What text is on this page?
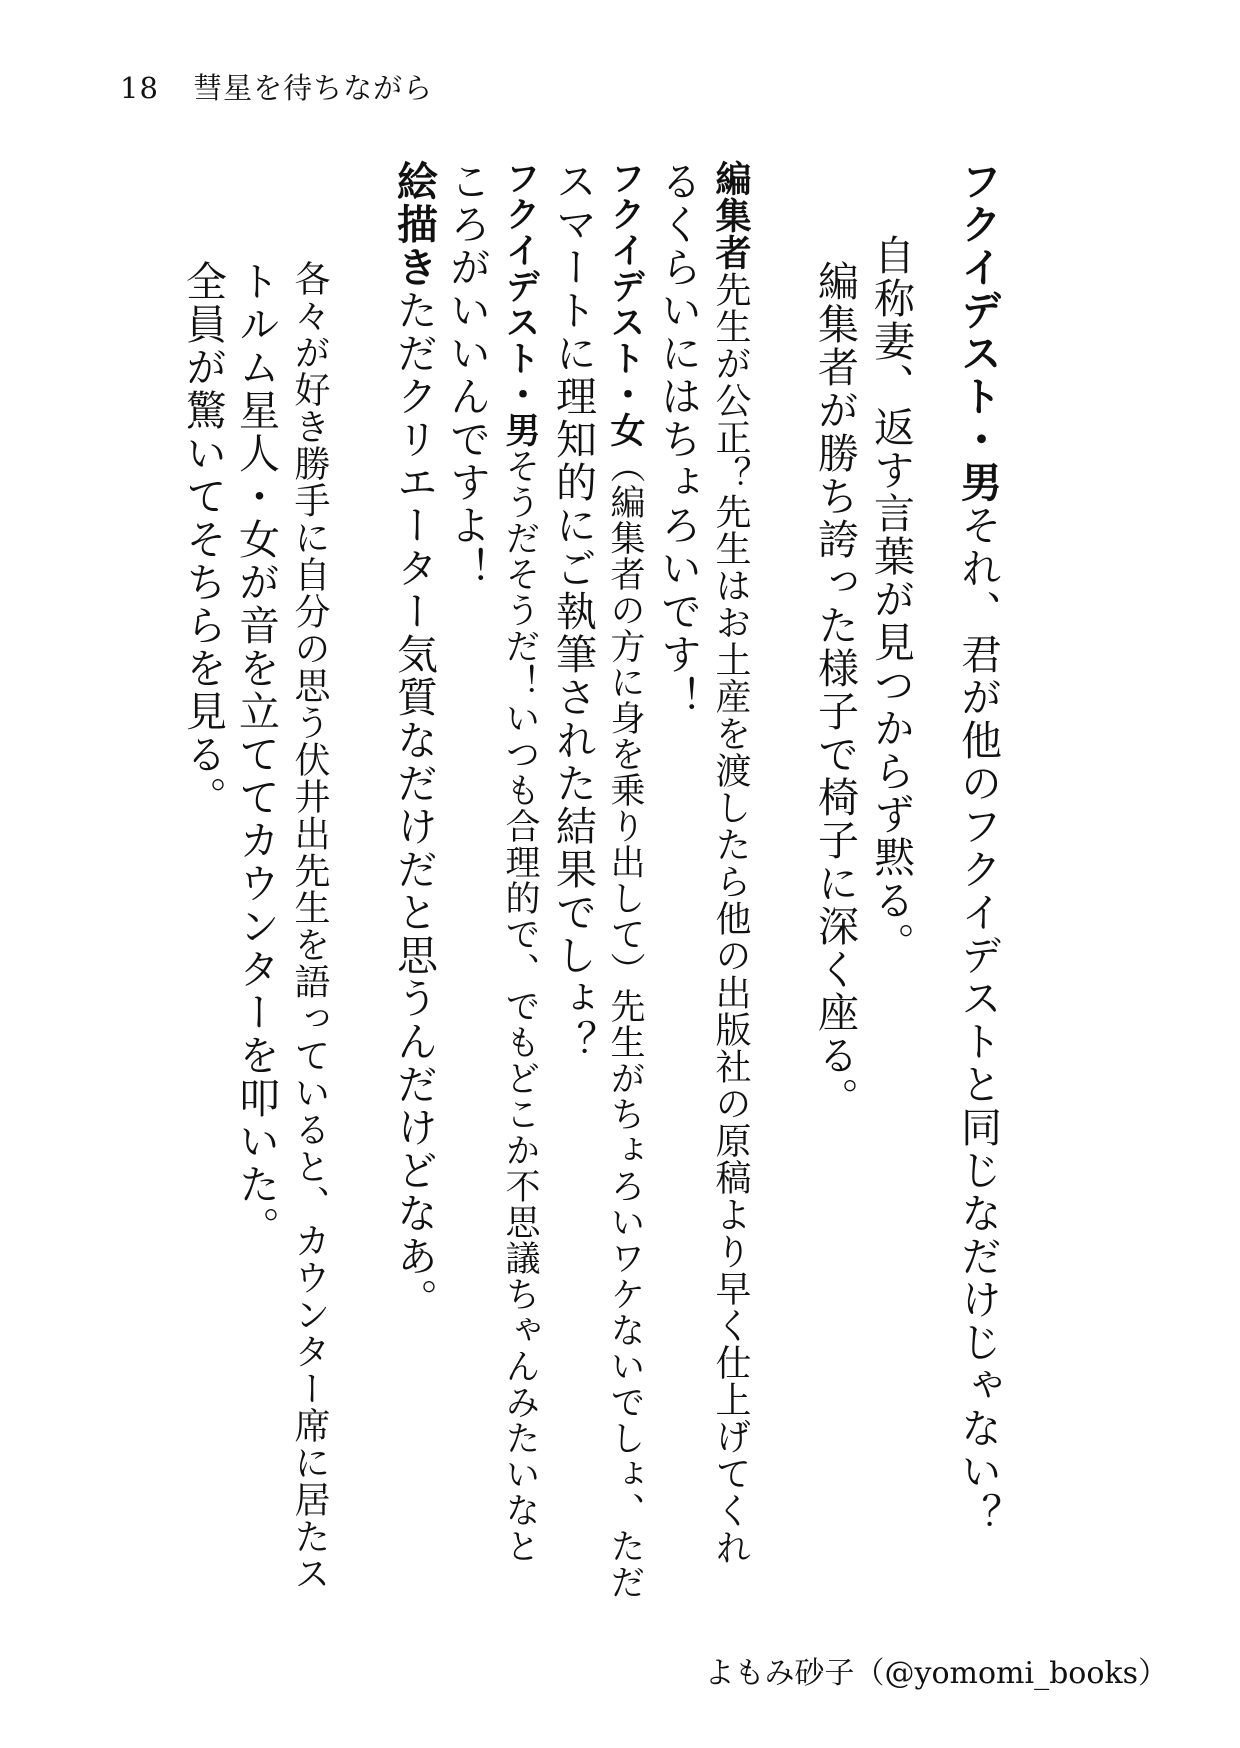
18 彗星を待ちながら
フクイデスト・男それ、君が他のフクイデストと同じなだけじゃない？
自称妻、返す言葉が見つからず黙る。
編集者が勝ち誇った様子で椅子に深く座る。
編集者先生が公正？先生はお土産を渡したら他の出版社の原稿より早く仕上げてくれ
るくらいにはちょろいです！
フクイデスト・女（編集者の方に身を乗り出して）先生がちょろいワケないでしょ、ただ
スマートに理知的にご執筆された結果でしょ？
フクイデスト・男そうだそうだ！いつも合理的で、でもどこか不思議ちゃんみたいなと
ころがいいんですよ！
絵描きただクリエーター気質なだけだと思うんだけどなあ。
各々が好き勝手に自分の思う伏井出先生を語っていると、カウンター席に居たス
トルム星人・女が音を立ててカウンターを叩いた。
全員が驚いてそちらを見る。
よもみ砂子（@yomomi_books）
